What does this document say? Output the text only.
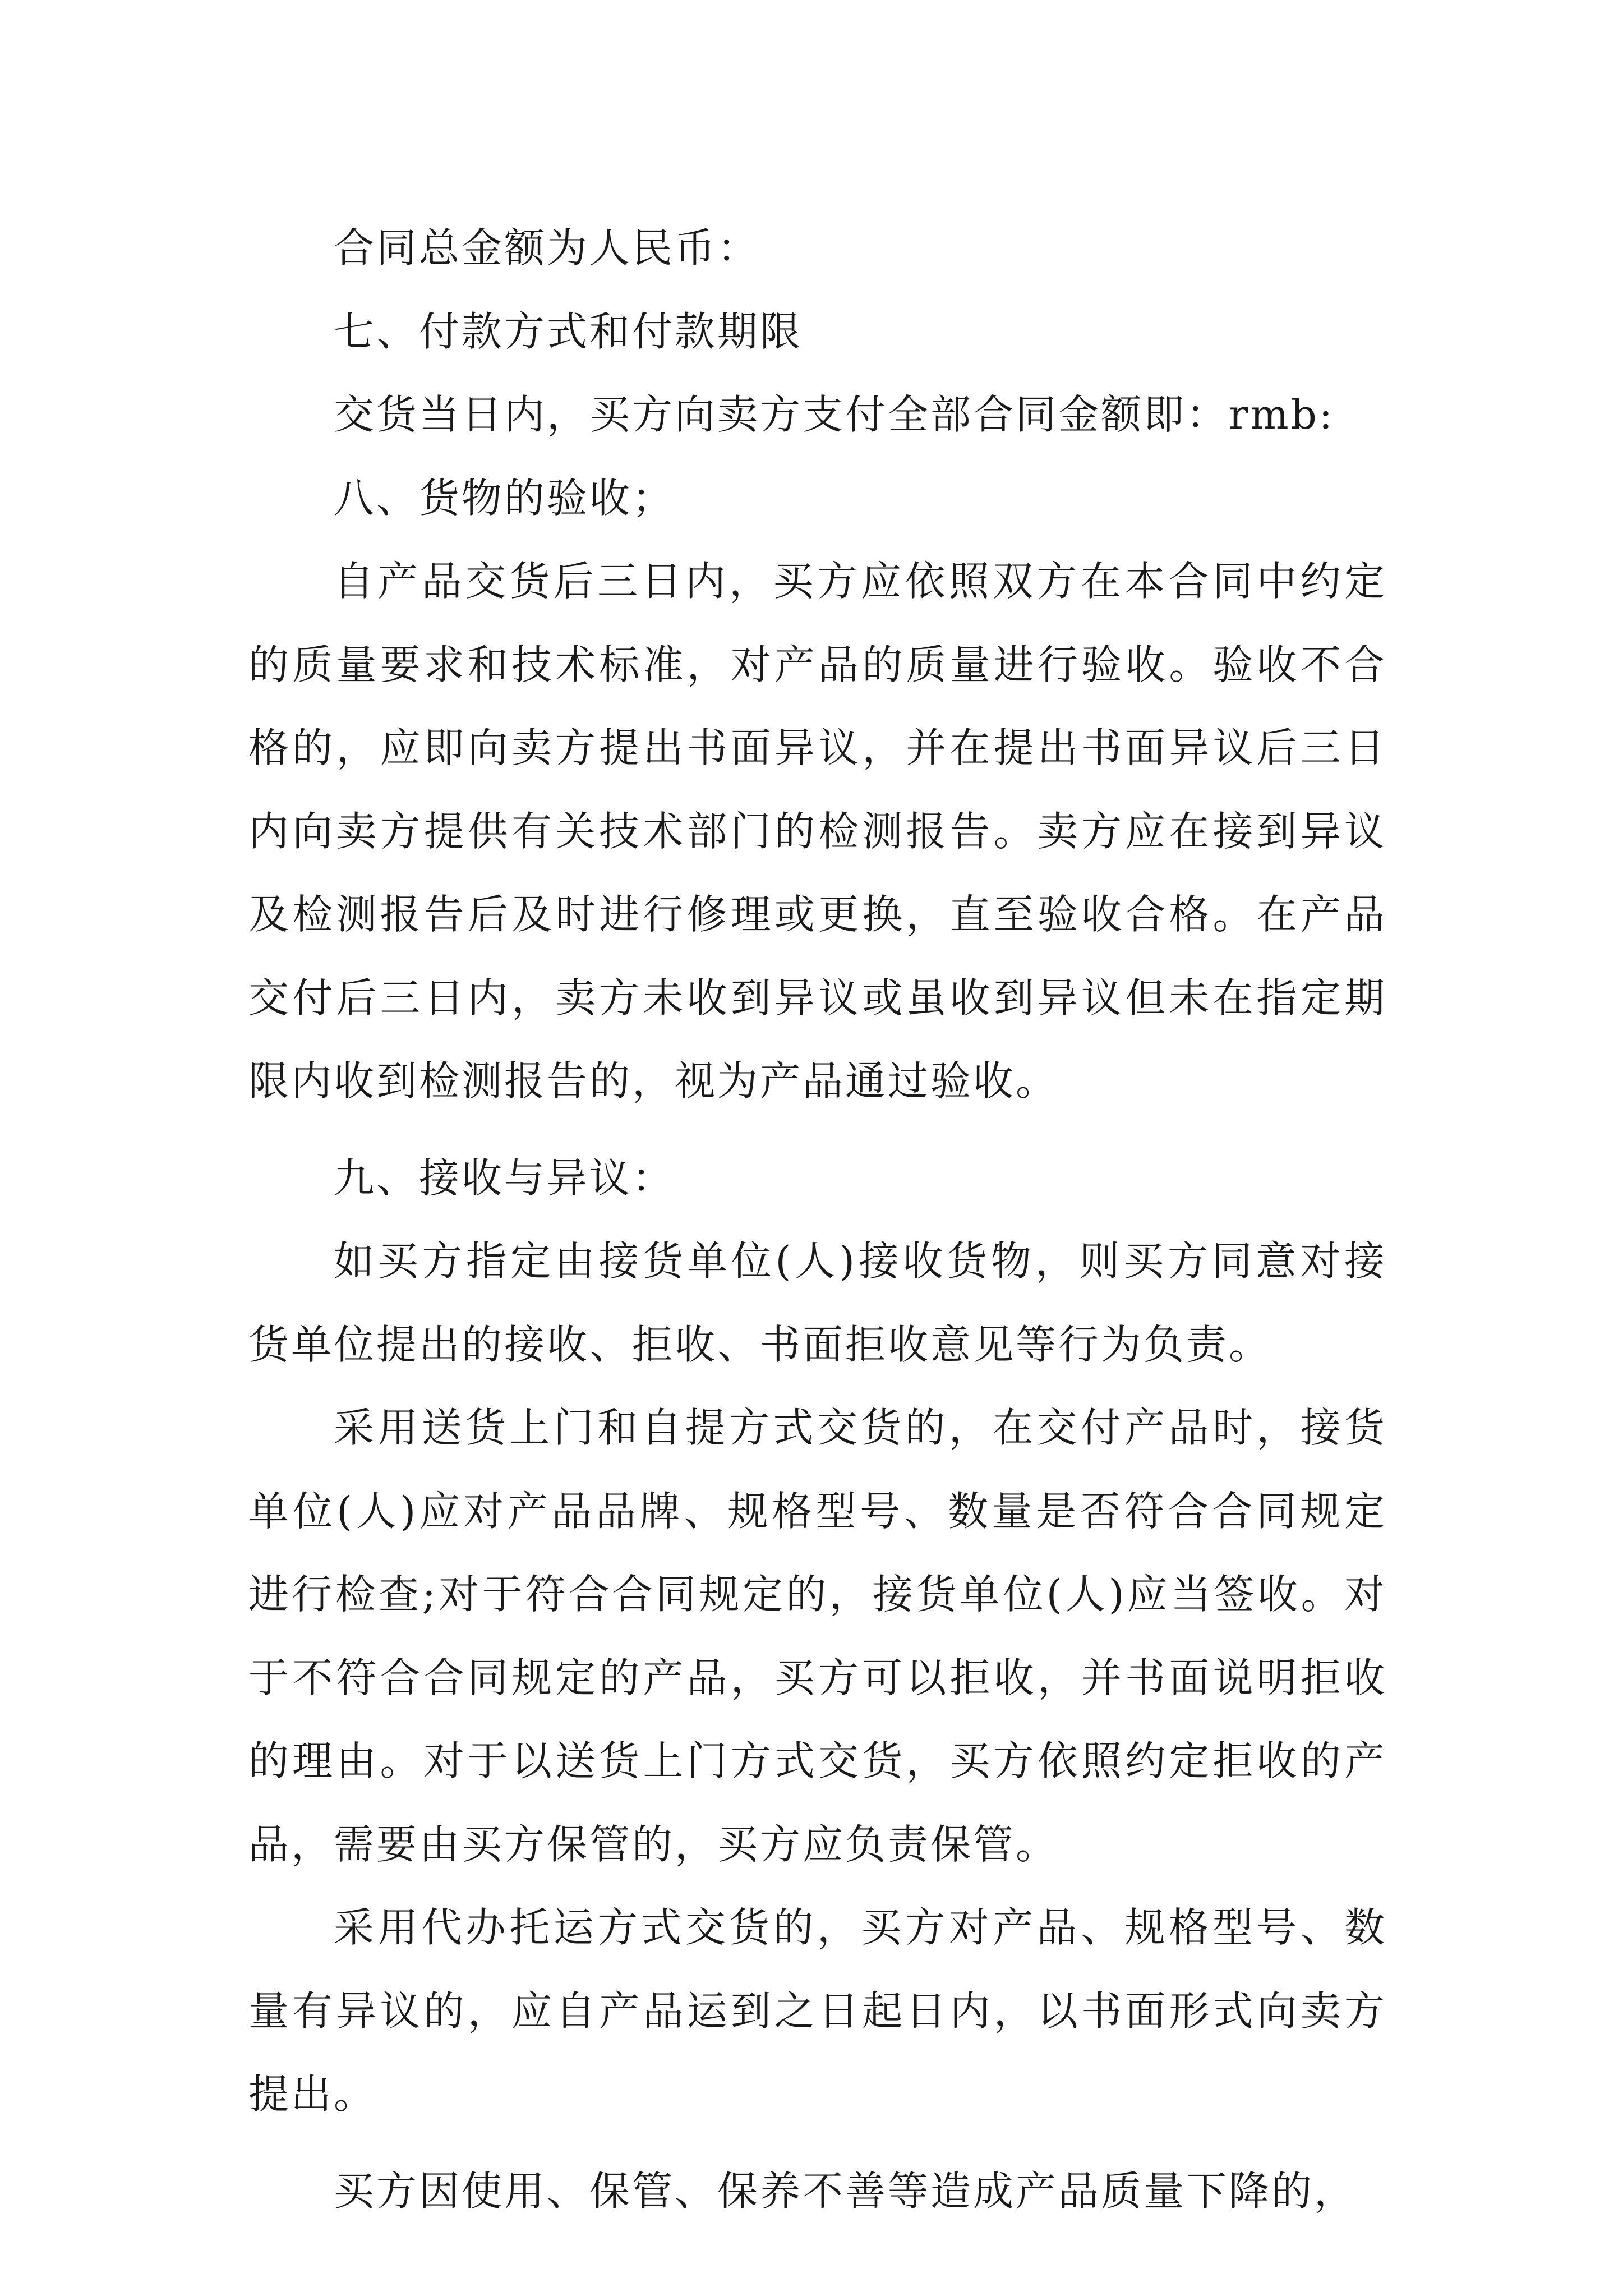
合同总金额为人民币：

七、付款方式和付款期限

交货当日内，买方向卖方支付全部合同金额即：rmb:

八、货物的验收；

自产品交货后三日内，买方应依照双方在本合同中约定的质量要求和技术标准，对产品的质量进行验收。验收不合格的，应即向卖方提出书面异议，并在提出书面异议后三日内向卖方提供有关技术部门的检测报告。卖方应在接到异议及检测报告后及时进行修理或更换，直至验收合格。在产品交付后三日内，卖方未收到异议或虽收到异议但未在指定期限内收到检测报告的，视为产品通过验收。

九、接收与异议：

如买方指定由接货单位(人)接收货物，则买方同意对接货单位提出的接收、拒收、书面拒收意见等行为负责。

采用送货上门和自提方式交货的，在交付产品时，接货单位(人)应对产品品牌、规格型号、数量是否符合合同规定进行检查;对于符合合同规定的，接货单位(人)应当签收。对于不符合合同规定的产品，买方可以拒收，并书面说明拒收的理由。对于以送货上门方式交货，买方依照约定拒收的产品，需要由买方保管的，买方应负责保管。

采用代办托运方式交货的，买方对产品、规格型号、数量有异议的，应自产品运到之日起日内，以书面形式向卖方提出。

买方因使用、保管、保养不善等造成产品质量下降的，
